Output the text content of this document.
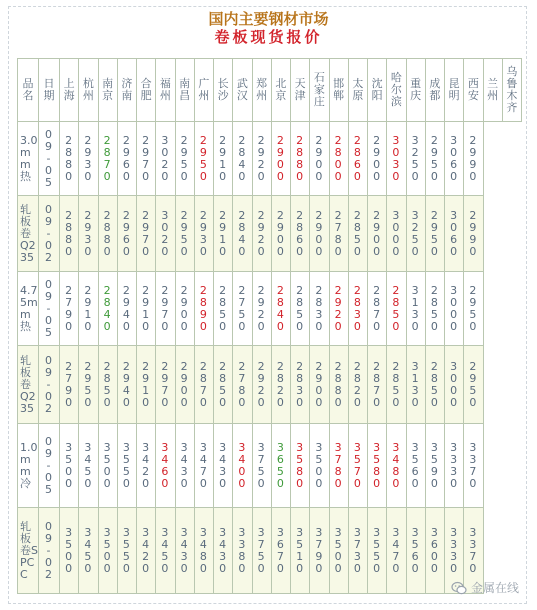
国内主要钢材市场
卷板现货报价
品名	日期	上海	杭州	南京	济南	合肥	福州	南昌	广州	长沙	武汉	郑州	北京	天津	石家庄	邯郸	太原	沈阳	哈尔滨	重庆	成都	昆明	西安	兰州	乌鲁木齐
3.0mm热	09-05	2880	2930	2870	2960	2970	3020	2950	2950	2910	2840	2920	2900	2880	2900	2800	2860	2900	3030	3250	2950	3060	2990		
轧板卷Q235	09-02	2880	2930	2880	2960	2970	3020	2950	2930	2910	2840	2920	2900	2860	2900	2780	2850	2900	3000	3250	2950	3060	2990		
4.75mm热	09-05	2790	2910	2840	2940	2910	2970	2900	2890	2850	2750	2920	2840	2850	2830	2920	2830	2870	2850	3130	2850	3000	2950		
轧板卷Q235	09-02	2790	2950	2850	2940	2910	2970	2900	2870	2850	2780	2920	2820	2830	2900	2880	2820	2870	2850	3130	2850	3000	2950		
1.0mm冷	09-05	3500	3450	3500	3550	3420	3460	3430	3470	3430	3400	3750	3650	3580	3500	3780	3570	3580	3480	3560	3590	3330	3370		
轧板卷SPCC	09-02	3500	3450	3500	3550	3420	3450	3430	3480	3430	3380	3750	3670	3510	3790	3500	3730	3550	3470	3560	3600	3330	3370		
金属在线
